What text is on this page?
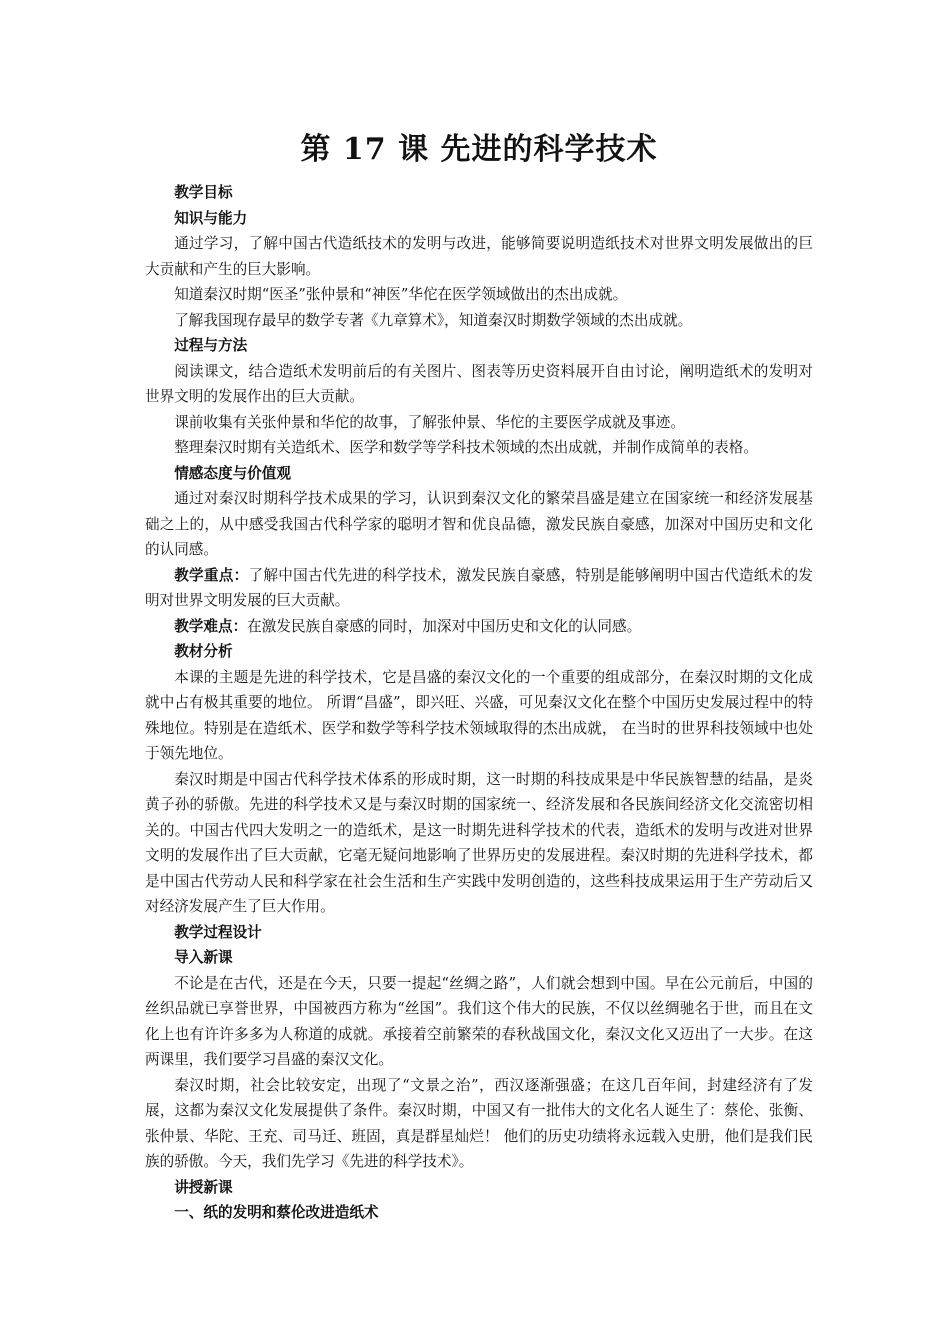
第 17 课 先进的科学技术
教学目标
知识与能力

通过学习，了解中国古代造纸技术的发明与改进，能够简要说明造纸技术对世界文明发展做出的巨大贡献和产生的巨大影响。

知道秦汉时期“医圣”张仲景和“神医”华佗在医学领域做出的杰出成就。

了解我国现存最早的数学专著《九章算术》，知道秦汉时期数学领域的杰出成就。

过程与方法

阅读课文，结合造纸术发明前后的有关图片、图表等历史资料展开自由讨论，阐明造纸术的发明对世界文明的发展作出的巨大贡献。

课前收集有关张仲景和华佗的故事，了解张仲景、华佗的主要医学成就及事迹。

整理秦汉时期有关造纸术、医学和数学等学科技术领域的杰出成就，并制作成简单的表格。

情感态度与价值观

通过对秦汉时期科学技术成果的学习，认识到秦汉文化的繁荣昌盛是建立在国家统一和经济发展基础之上的，从中感受我国古代科学家的聪明才智和优良品德，激发民族自豪感，加深对中国历史和文化的认同感。

教学重点：了解中国古代先进的科学技术，激发民族自豪感，特别是能够阐明中国古代造纸术的发明对世界文明发展的巨大贡献。

教学难点：在激发民族自豪感的同时，加深对中国历史和文化的认同感。

教材分析

本课的主题是先进的科学技术，它是昌盛的秦汉文化的一个重要的组成部分，在秦汉时期的文化成就中占有极其重要的地位。 所谓“昌盛”，即兴旺、兴盛，可见秦汉文化在整个中国历史发展过程中的特殊地位。特别是在造纸术、医学和数学等科学技术领域取得的杰出成就， 在当时的世界科技领域中也处于领先地位。

秦汉时期是中国古代科学技术体系的形成时期，这一时期的科技成果是中华民族智慧的结晶，是炎黄子孙的骄傲。先进的科学技术又是与秦汉时期的国家统一、经济发展和各民族间经济文化交流密切相关的。中国古代四大发明之一的造纸术，是这一时期先进科学技术的代表，造纸术的发明与改进对世界文明的发展作出了巨大贡献，它毫无疑问地影响了世界历史的发展进程。秦汉时期的先进科学技术，都是中国古代劳动人民和科学家在社会生活和生产实践中发明创造的，这些科技成果运用于生产劳动后又对经济发展产生了巨大作用。

教学过程设计
导入新课

不论是在古代，还是在今天，只要一提起“丝绸之路”，人们就会想到中国。早在公元前后，中国的丝织品就已享誉世界，中国被西方称为“丝国”。我们这个伟大的民族，不仅以丝绸驰名于世，而且在文化上也有许许多多为人称道的成就。承接着空前繁荣的春秋战国文化，秦汉文化又迈出了一大步。在这两课里，我们要学习昌盛的秦汉文化。

秦汉时期，社会比较安定，出现了“文景之治”，西汉逐渐强盛；在这几百年间，封建经济有了发展，这都为秦汉文化发展提供了条件。秦汉时期，中国又有一批伟大的文化名人诞生了：蔡伦、张衡、张仲景、华陀、王充、司马迁、班固，真是群星灿烂！ 他们的历史功绩将永远载入史册，他们是我们民族的骄傲。今天，我们先学习《先进的科学技术》。

讲授新课
一、纸的发明和蔡伦改进造纸术
